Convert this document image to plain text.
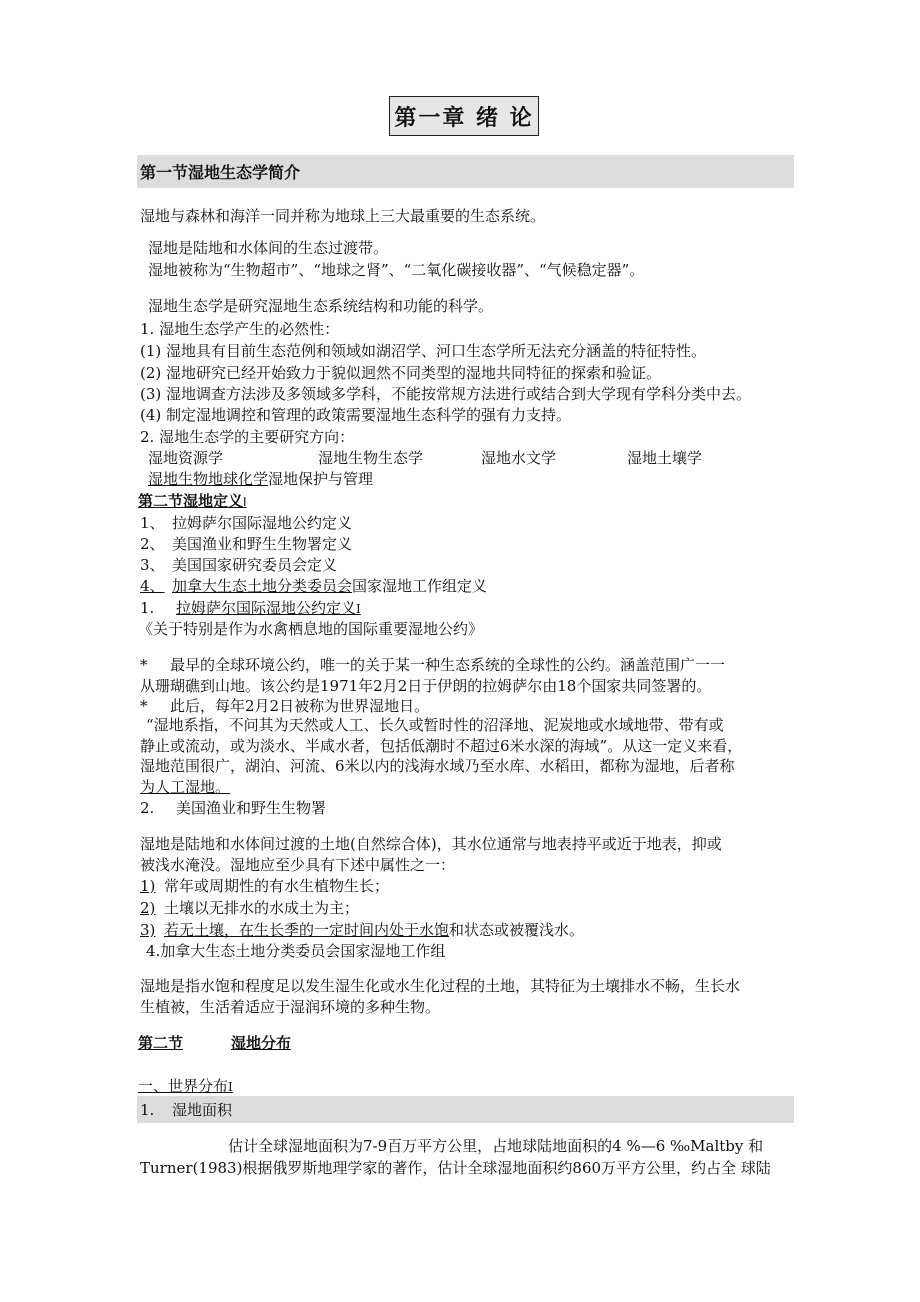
第一章 绪 论
第一节湿地生态学简介
湿地与森林和海洋一同并称为地球上三大最重要的生态系统。
湿地是陆地和水体间的生态过渡带。
湿地被称为“生物超市”、“地球之肾”、“二氧化碳接收器”、“气候稳定器”。
湿地生态学是研究湿地生态系统结构和功能的科学。
1. 湿地生态学产生的必然性：
(1) 湿地具有目前生态范例和领域如湖沼学、河口生态学所无法充分涵盖的特征特性。
(2) 湿地研究已经开始致力于貌似迥然不同类型的湿地共同特征的探索和验证。
(3) 湿地调查方法涉及多领域多学科，不能按常规方法进行或结合到大学现有学科分类中去。
(4) 制定湿地调控和管理的政策需要湿地生态科学的强有力支持。
2. 湿地生态学的主要研究方向：
湿地资源学	湿地生物生态学	湿地水文学	湿地土壤学
湿地生物地球化学湿地保护与管理
第二节湿地定义I
1、 拉姆萨尔国际湿地公约定义
2、 美国渔业和野生生物署定义
3、 美国国家研究委员会定义
4、 加拿大生态土地分类委员会国家湿地工作组定义
1. 拉姆萨尔国际湿地公约定义I
《关于特别是作为水禽栖息地的国际重要湿地公约》
* 最早的全球环境公约，唯一的关于某一种生态系统的全球性的公约。涵盖范围广一一
从珊瑚礁到山地。该公约是1971年2月2日于伊朗的拉姆萨尔由18个国家共同签署的。
* 此后，每年2月2日被称为世界湿地日。
“湿地系指，不问其为天然或人工、长久或暂时性的沼泽地、泥炭地或水域地带、带有或
静止或流动，或为淡水、半咸水者，包括低潮时不超过6米水深的海域”。从这一定义来看，
湿地范围很广，湖泊、河流、6米以内的浅海水域乃至水库、水稻田，都称为湿地，后者称
为人工湿地。
2. 美国渔业和野生生物署
湿地是陆地和水体间过渡的土地(自然综合体)，其水位通常与地表持平或近于地表，抑或
被浅水淹没。湿地应至少具有下述中属性之一：
1) 常年或周期性的有水生植物生长；
2) 土壤以无排水的水成土为主；
3) 若无土壤，在生长季的一定时间内处于水饱和状态或被覆浅水。
4.加拿大生态土地分类委员会国家湿地工作组
湿地是指水饱和程度足以发生湿生化或水生化过程的土地，其特征为土壤排水不畅，生长水
生植被，生活着适应于湿润环境的多种生物。
第二节	湿地分布
一、世界分布I
1. 湿地面积
估计全球湿地面积为7-9百万平方公里，占地球陆地面积的4 %—6 ‰Maltby 和
Turner(1983)根据俄罗斯地理学家的著作，估计全球湿地面积约860万平方公里，约占全 球陆
